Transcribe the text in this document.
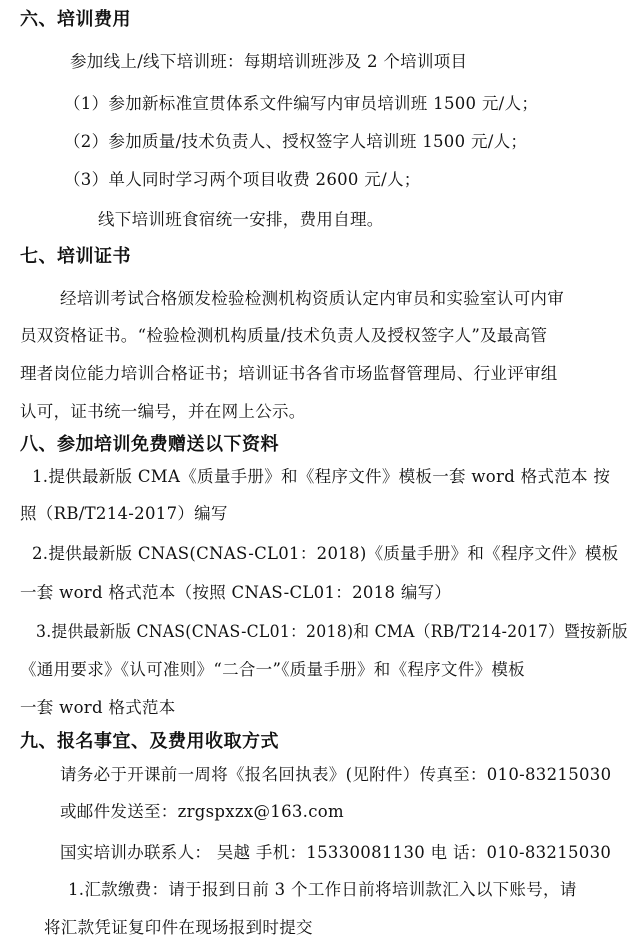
六、培训费用
参加线上/线下培训班：每期培训班涉及 2 个培训项目
（1）参加新标准宣贯体系文件编写内审员培训班 1500 元/人；
（2）参加质量/技术负责人、授权签字人培训班 1500 元/人；
（3）单人同时学习两个项目收费 2600 元/人；
线下培训班食宿统一安排，费用自理。
七、培训证书
经培训考试合格颁发检验检测机构资质认定内审员和实验室认可内审
员双资格证书。“检验检测机构质量/技术负责人及授权签字人”及最高管
理者岗位能力培训合格证书；培训证书各省市场监督管理局、行业评审组
认可，证书统一编号，并在网上公示。
八、参加培训免费赠送以下资料
1.提供最新版 CMA《质量手册》和《程序文件》模板一套 word 格式范本 按
照（RB/T214-2017）编写
2.提供最新版 CNAS(CNAS-CL01：2018)《质量手册》和《程序文件》模板
一套 word 格式范本（按照 CNAS-CL01：2018 编写）
3.提供最新版 CNAS(CNAS-CL01：2018)和 CMA（RB/T214-2017）暨按新版
《通用要求》《认可准则》“二合一”《质量手册》和《程序文件》模板
一套 word 格式范本
九、报名事宜、及费用收取方式
请务必于开课前一周将《报名回执表》(见附件）传真至：010-83215030
或邮件发送至：zrgspxzx@163.com
国实培训办联系人： 吴越 手机：15330081130 电 话：010-83215030
1.汇款缴费：请于报到日前 3 个工作日前将培训款汇入以下账号，请
将汇款凭证复印件在现场报到时提交
